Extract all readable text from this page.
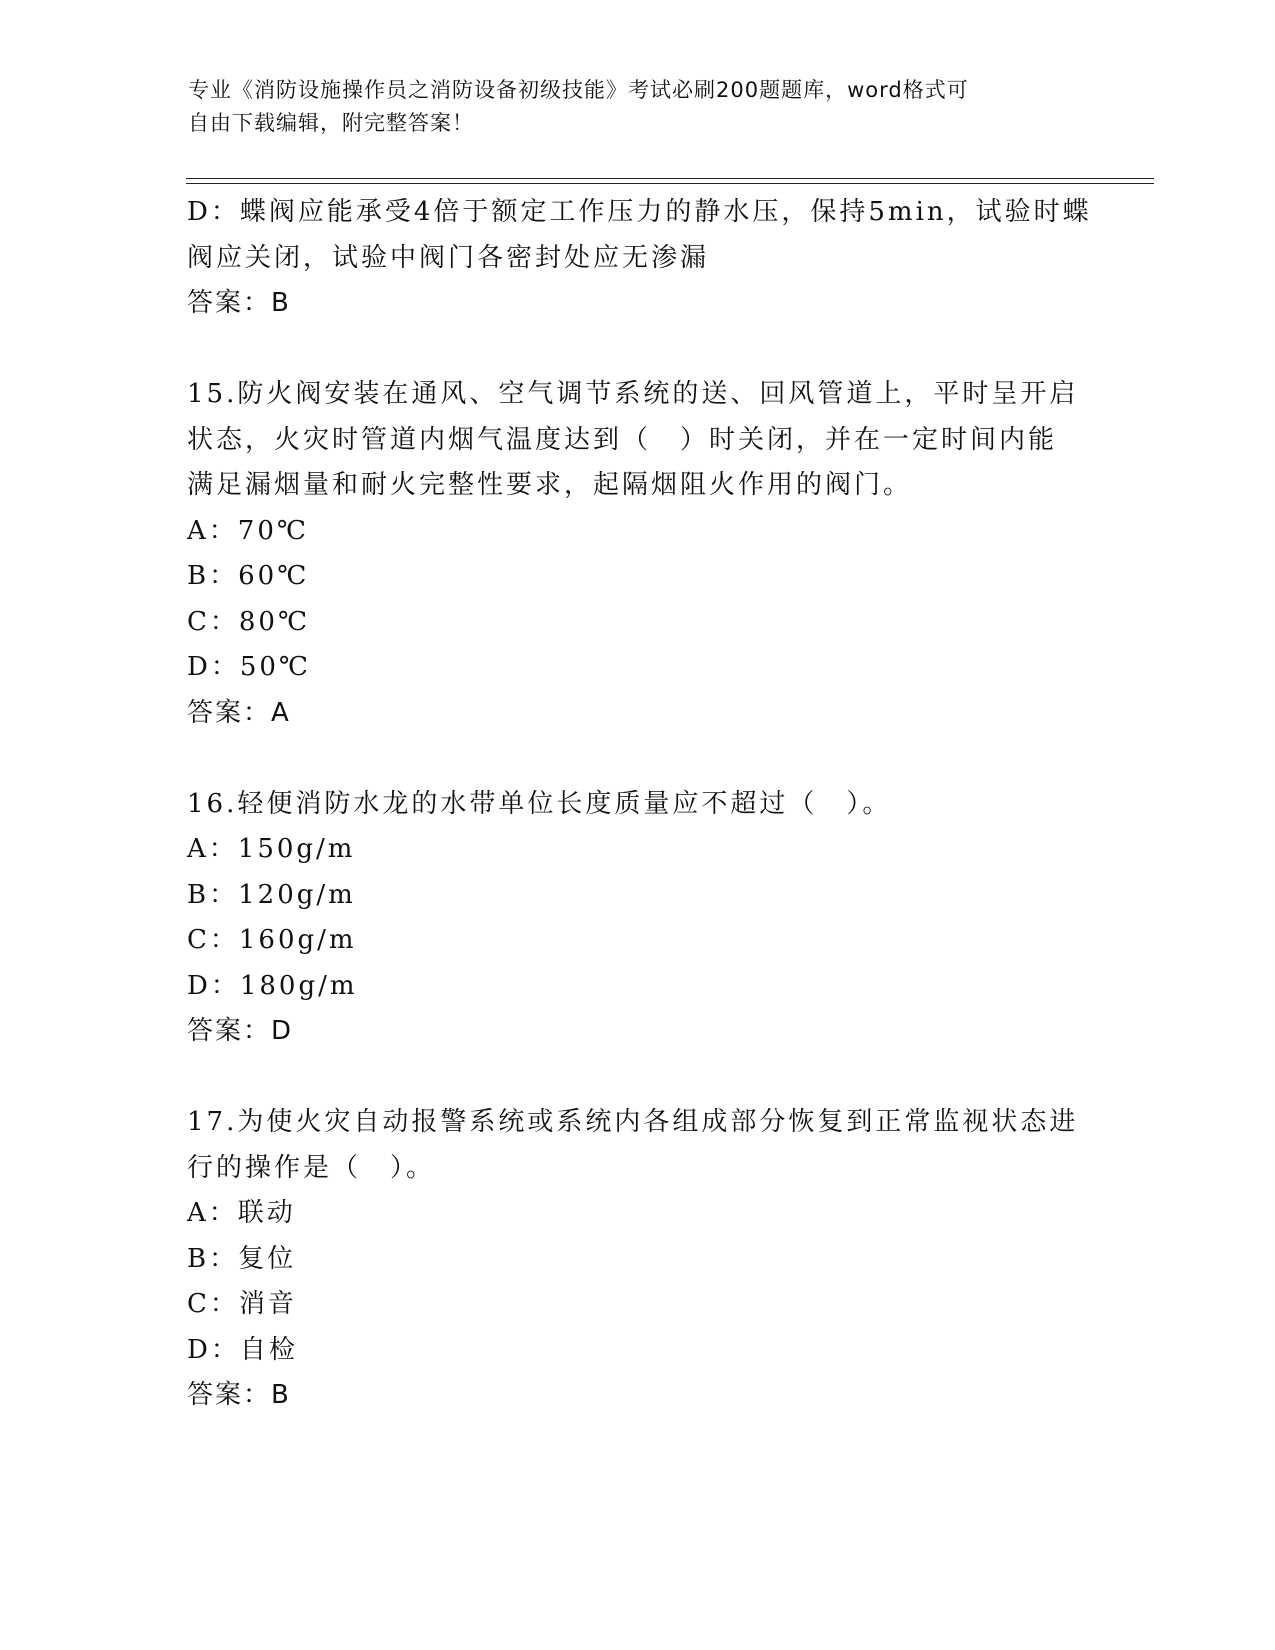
专业《消防设施操作员之消防设备初级技能》考试必刷200题题库，word格式可
自由下载编辑，附完整答案！
D：蝶阀应能承受4倍于额定工作压力的静水压，保持5min，试验时蝶
阀应关闭，试验中阀门各密封处应无渗漏
答案：B
15.防火阀安装在通风、空气调节系统的送、回风管道上，平时呈开启
状态，火灾时管道内烟气温度达到（　）时关闭，并在一定时间内能
满足漏烟量和耐火完整性要求，起隔烟阻火作用的阀门。
A：70℃
B：60℃
C：80℃
D：50℃
答案：A
16.轻便消防水龙的水带单位长度质量应不超过（　）。
A：150g/m
B：120g/m
C：160g/m
D：180g/m
答案：D
17.为使火灾自动报警系统或系统内各组成部分恢复到正常监视状态进
行的操作是（　）。
A：联动
B：复位
C：消音
D：自检
答案：B
